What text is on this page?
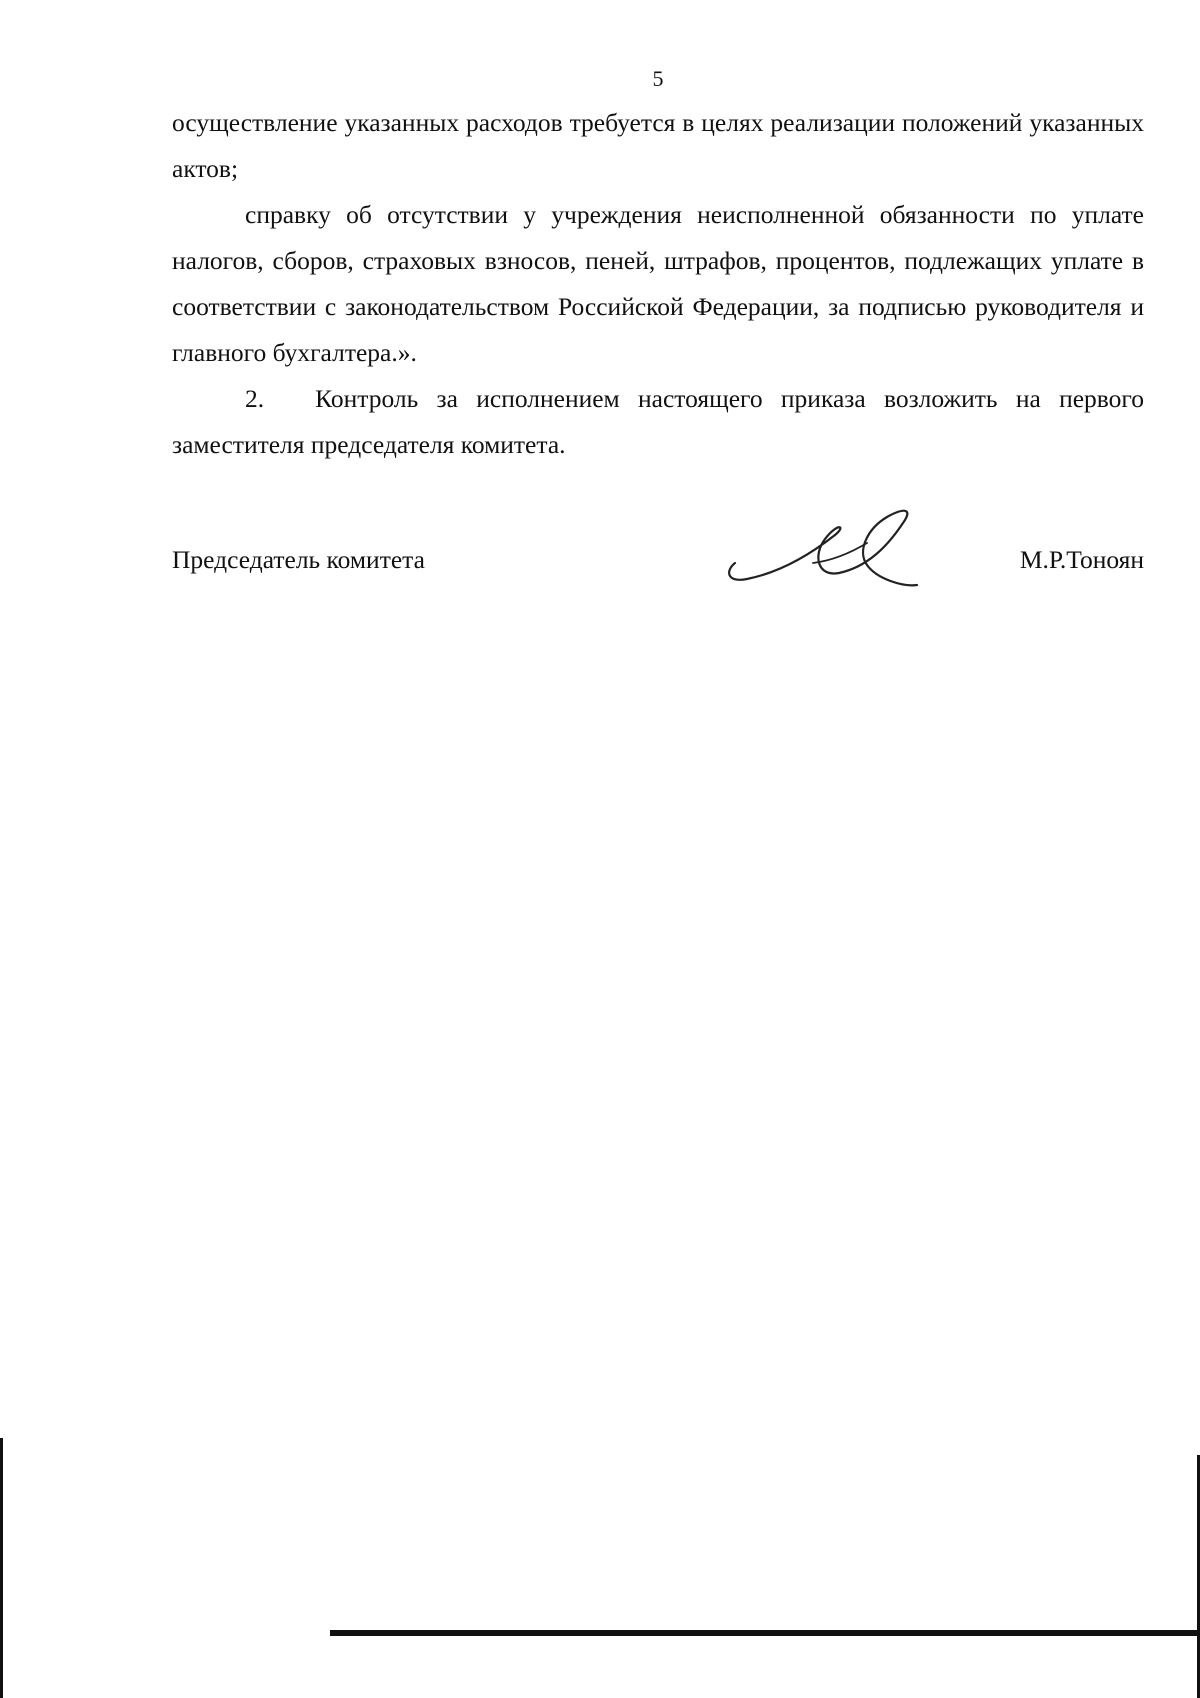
5

осуществление указанных расходов требуется в целях реализации положений указанных актов;

справку об отсутствии у учреждения неисполненной обязанности по уплате налогов, сборов, страховых взносов, пеней, штрафов, процентов, подлежащих уплате в соответствии с законодательством Российской Федерации, за подписью руководителя и главного бухгалтера.».

2.  Контроль за исполнением настоящего приказа возложить на первого заместителя председателя комитета.

Председатель комитета	М.Р.Тоноян
